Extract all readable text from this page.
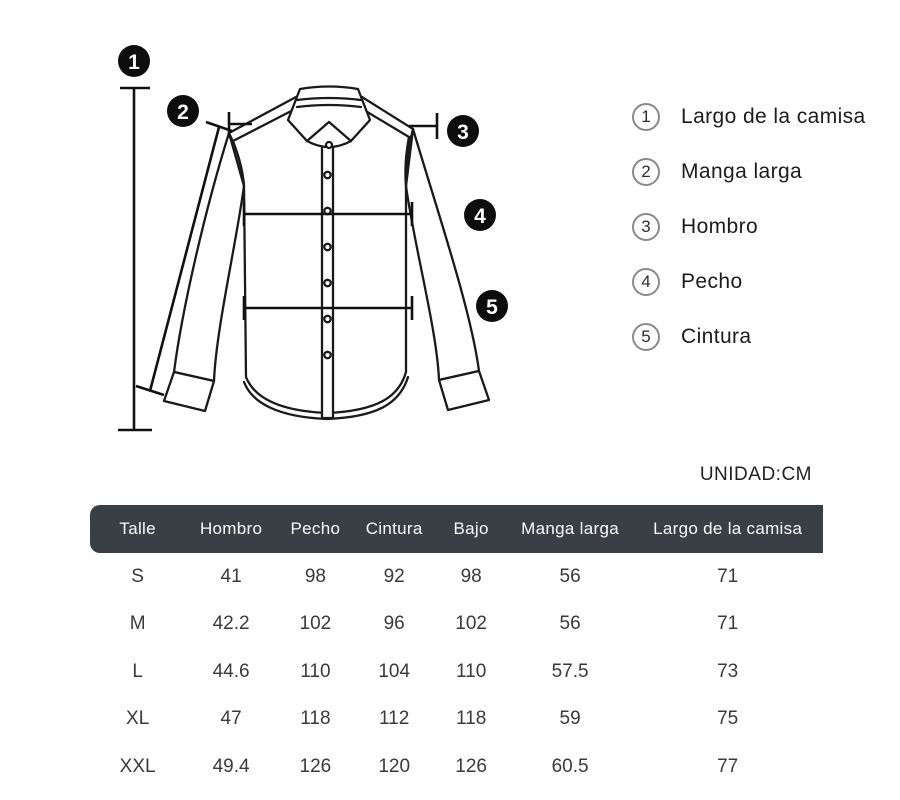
1
2
3
4
5
1	Largo de la camisa
2	Manga larga
3	Hombro
4	Pecho
5	Cintura
UNIDAD:CM
Talle	Hombro	Pecho	Cintura	Bajo	Manga larga	Largo de la camisa
S	41	98	92	98	56	71
M	42.2	102	96	102	56	71
L	44.6	110	104	110	57.5	73
XL	47	118	112	118	59	75
XXL	49.4	126	120	126	60.5	77
